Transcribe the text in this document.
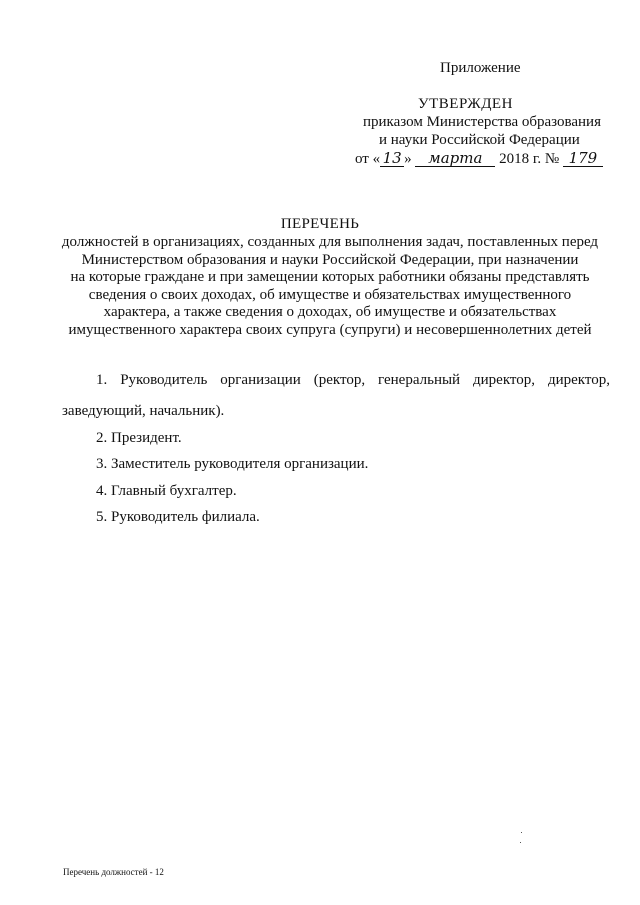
Приложение
УТВЕРЖДЕН
приказом Министерства образования
и науки Российской Федерации
от « 13 » марта 2018 г. № 179
ПЕРЕЧЕНЬ
должностей в организациях, созданных для выполнения задач, поставленных перед
Министерством образования и науки Российской Федерации, при назначении
на которые граждане и при замещении которых работники обязаны представлять
сведения о своих доходах, об имуществе и обязательствах имущественного
характера, а также сведения о доходах, об имуществе и обязательствах
имущественного характера своих супруга (супруги) и несовершеннолетних детей
1. Руководитель организации (ректор, генеральный директор, директор,
заведующий, начальник).
2. Президент.
3. Заместитель руководителя организации.
4. Главный бухгалтер.
5. Руководитель филиала.
Перечень должностей - 12
